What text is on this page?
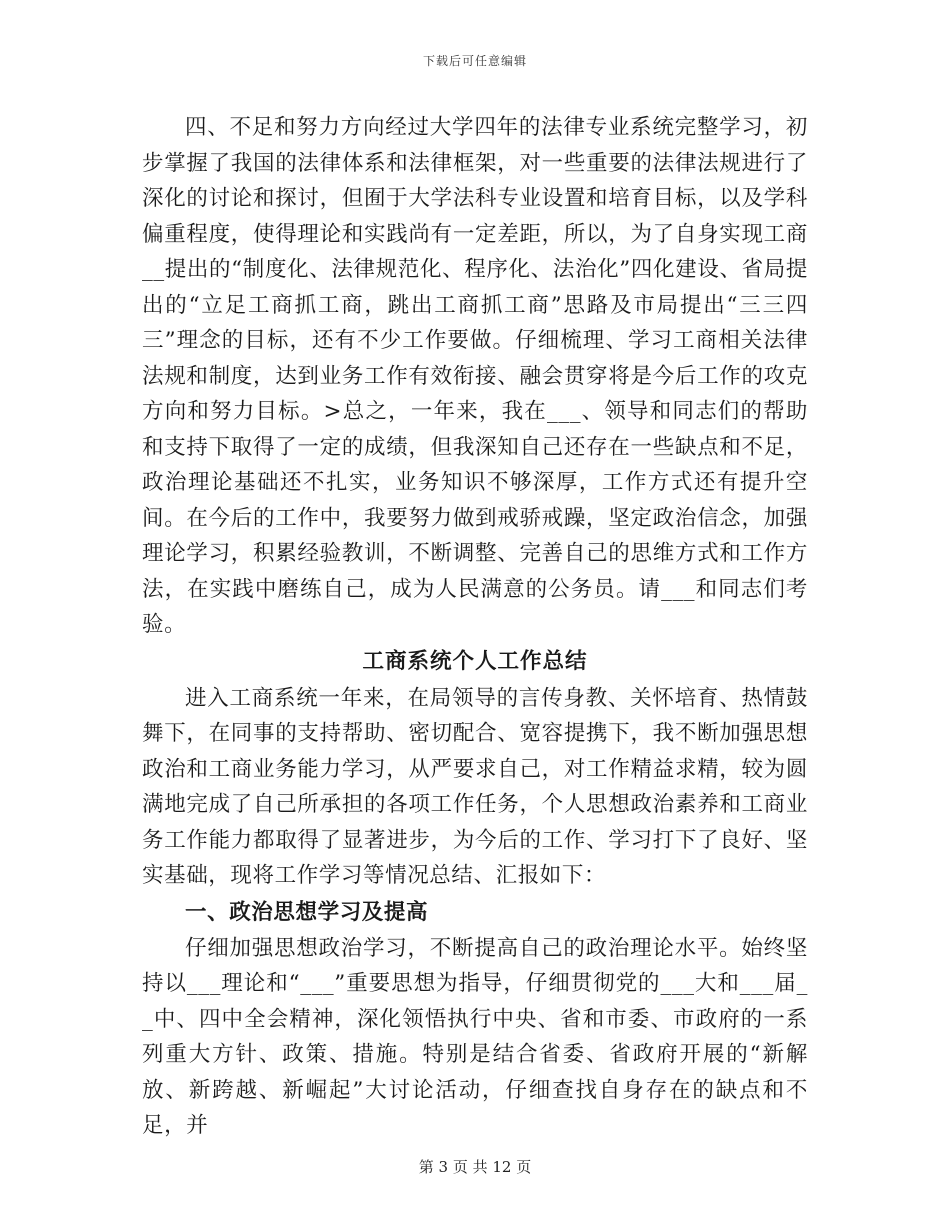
下载后可任意编辑

四、不足和努力方向经过大学四年的法律专业系统完整学习，初步掌握了我国的法律体系和法律框架，对一些重要的法律法规进行了深化的讨论和探讨，但囿于大学法科专业设置和培育目标，以及学科偏重程度，使得理论和实践尚有一定差距，所以，为了自身实现工商__提出的“制度化、法律规范化、程序化、法治化”四化建设、省局提出的“立足工商抓工商，跳出工商抓工商”思路及市局提出“三三四三”理念的目标，还有不少工作要做。仔细梳理、学习工商相关法律法规和制度，达到业务工作有效衔接、融会贯穿将是今后工作的攻克方向和努力目标。>总之，一年来，我在___、领导和同志们的帮助和支持下取得了一定的成绩，但我深知自己还存在一些缺点和不足，政治理论基础还不扎实，业务知识不够深厚，工作方式还有提升空间。在今后的工作中，我要努力做到戒骄戒躁，坚定政治信念，加强理论学习，积累经验教训，不断调整、完善自己的思维方式和工作方法，在实践中磨练自己，成为人民满意的公务员。请___和同志们考验。

工商系统个人工作总结

进入工商系统一年来，在局领导的言传身教、关怀培育、热情鼓舞下，在同事的支持帮助、密切配合、宽容提携下，我不断加强思想政治和工商业务能力学习，从严要求自己，对工作精益求精，较为圆满地完成了自己所承担的各项工作任务，个人思想政治素养和工商业务工作能力都取得了显著进步，为今后的工作、学习打下了良好、坚实基础，现将工作学习等情况总结、汇报如下：

一、政治思想学习及提高

仔细加强思想政治学习，不断提高自己的政治理论水平。始终坚持以___理论和“___”重要思想为指导，仔细贯彻党的___大和___届__中、四中全会精神，深化领悟执行中央、省和市委、市政府的一系列重大方针、政策、措施。特别是结合省委、省政府开展的“新解放、新跨越、新崛起”大讨论活动，仔细查找自身存在的缺点和不足，并

第 3 页 共 12 页
